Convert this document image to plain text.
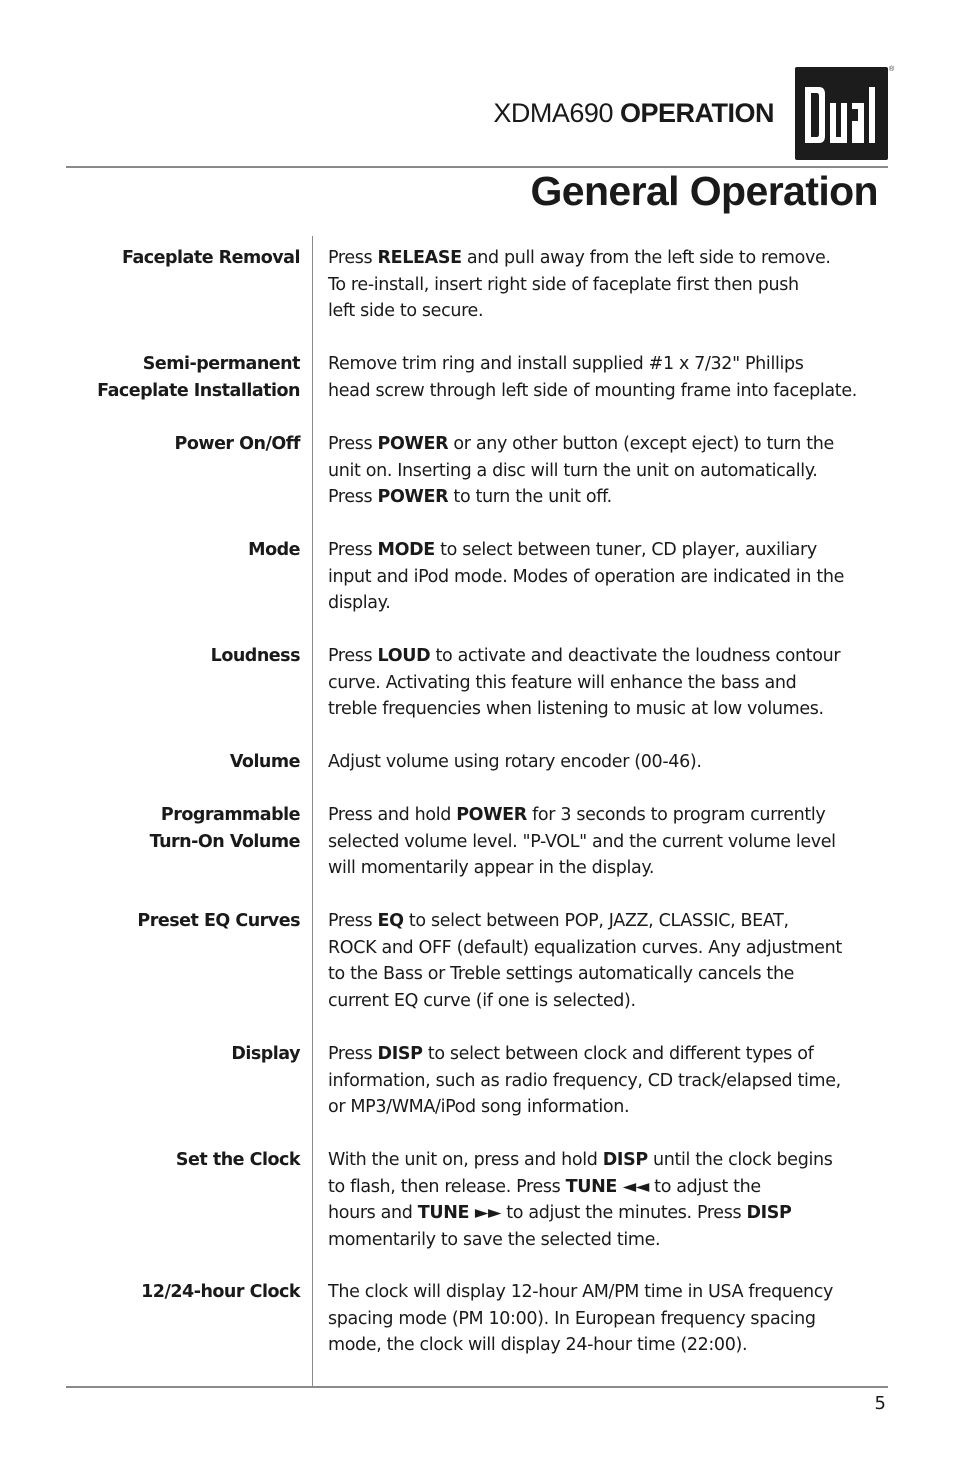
XDMA690 OPERATION
®
General Operation
Faceplate Removal Press RELEASE and pull away from the left side to remove.
To re-install, insert right side of faceplate first then push
left side to secure.
Semi-permanent
Faceplate Installation
Remove trim ring and install supplied #1 x 7/32" Phillips
head screw through left side of mounting frame into faceplate.
Power On/Off Press POWER or any other button (except eject) to turn the
unit on. Inserting a disc will turn the unit on automatically.
Press POWER to turn the unit off.
Mode Press MODE to select between tuner, CD player, auxiliary
input and iPod mode. Modes of operation are indicated in the
display.
Loudness Press LOUD to activate and deactivate the loudness contour
curve. Activating this feature will enhance the bass and
treble frequencies when listening to music at low volumes.
Volume Adjust volume using rotary encoder (00-46).
Programmable
Turn-On Volume
Press and hold POWER for 3 seconds to program currently
selected volume level. "P-VOL" and the current volume level
will momentarily appear in the display.
Preset EQ Curves Press EQ to select between POP, JAZZ, CLASSIC, BEAT,
ROCK and OFF (default) equalization curves. Any adjustment
to the Bass or Treble settings automatically cancels the
current EQ curve (if one is selected).
Display Press DISP to select between clock and different types of
information, such as radio frequency, CD track/elapsed time,
or MP3/WMA/iPod song information.
Set the Clock With the unit on, press and hold DISP until the clock begins
to flash, then release. Press TUNE ◄◄ to adjust the
hours and TUNE ►► to adjust the minutes. Press DISP
momentarily to save the selected time.
12/24-hour Clock The clock will display 12-hour AM/PM time in USA frequency
spacing mode (PM 10:00). In European frequency spacing
mode, the clock will display 24-hour time (22:00).
5
